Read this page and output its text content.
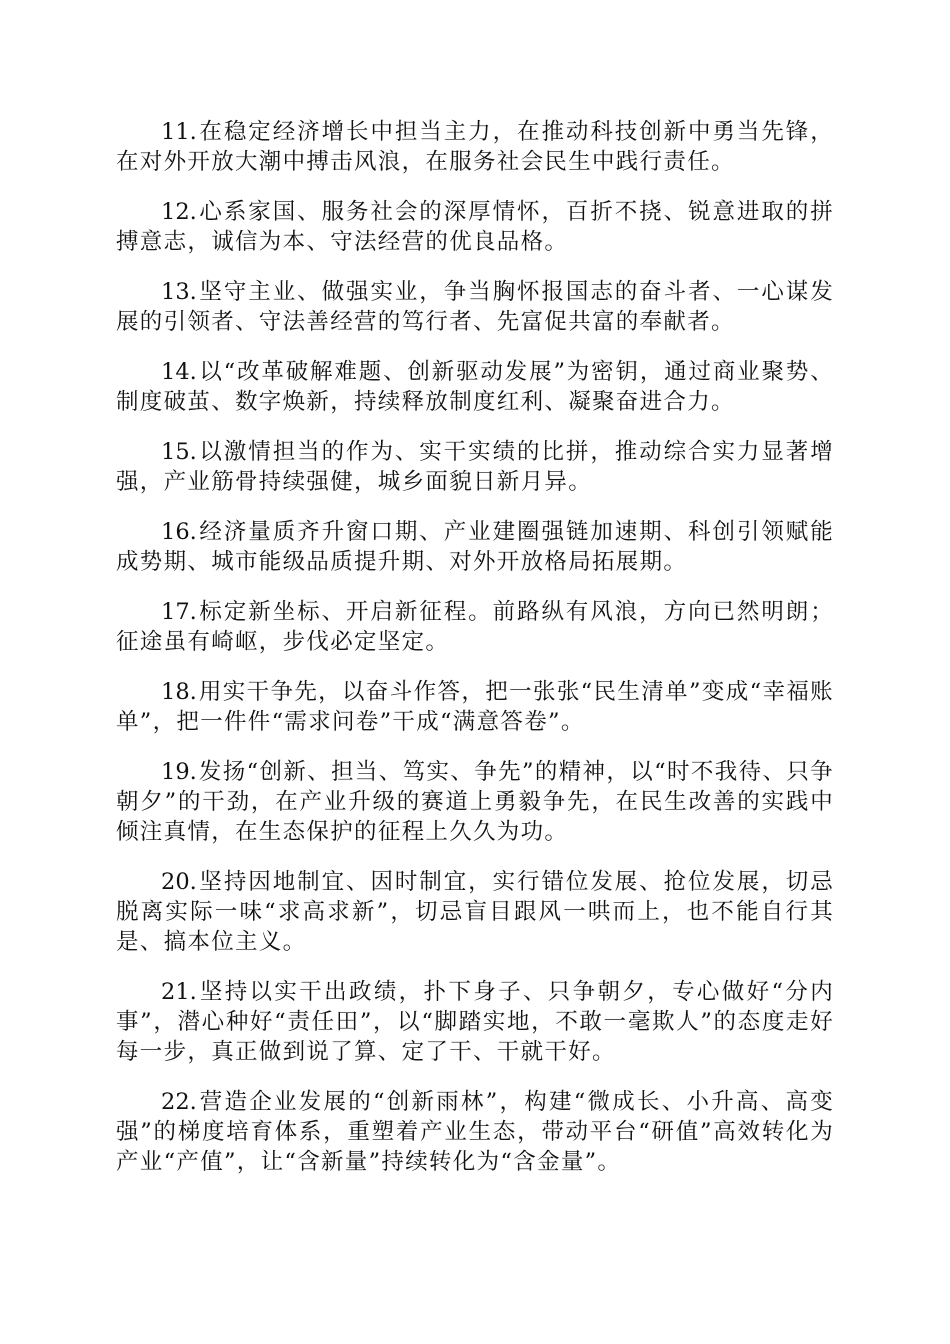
11.在稳定经济增长中担当主力，在推动科技创新中勇当先锋，在对外开放大潮中搏击风浪，在服务社会民生中践行责任。

12.心系家国、服务社会的深厚情怀，百折不挠、锐意进取的拼搏意志，诚信为本、守法经营的优良品格。

13.坚守主业、做强实业，争当胸怀报国志的奋斗者、一心谋发展的引领者、守法善经营的笃行者、先富促共富的奉献者。

14.以“改革破解难题、创新驱动发展”为密钥，通过商业聚势、制度破茧、数字焕新，持续释放制度红利、凝聚奋进合力。

15.以激情担当的作为、实干实绩的比拼，推动综合实力显著增强，产业筋骨持续强健，城乡面貌日新月异。

16.经济量质齐升窗口期、产业建圈强链加速期、科创引领赋能成势期、城市能级品质提升期、对外开放格局拓展期。

17.标定新坐标、开启新征程。前路纵有风浪，方向已然明朗；征途虽有崎岖，步伐必定坚定。

18.用实干争先，以奋斗作答，把一张张“民生清单”变成“幸福账单”，把一件件“需求问卷”干成“满意答卷”。

19.发扬“创新、担当、笃实、争先”的精神，以“时不我待、只争朝夕”的干劲，在产业升级的赛道上勇毅争先，在民生改善的实践中倾注真情，在生态保护的征程上久久为功。

20.坚持因地制宜、因时制宜，实行错位发展、抢位发展，切忌脱离实际一味“求高求新”，切忌盲目跟风一哄而上，也不能自行其是、搞本位主义。

21.坚持以实干出政绩，扑下身子、只争朝夕，专心做好“分内事”，潜心种好“责任田”，以“脚踏实地，不敢一毫欺人”的态度走好每一步，真正做到说了算、定了干、干就干好。

22.营造企业发展的“创新雨林”，构建“微成长、小升高、高变强”的梯度培育体系，重塑着产业生态，带动平台“研值”高效转化为产业“产值”，让“含新量”持续转化为“含金量”。
